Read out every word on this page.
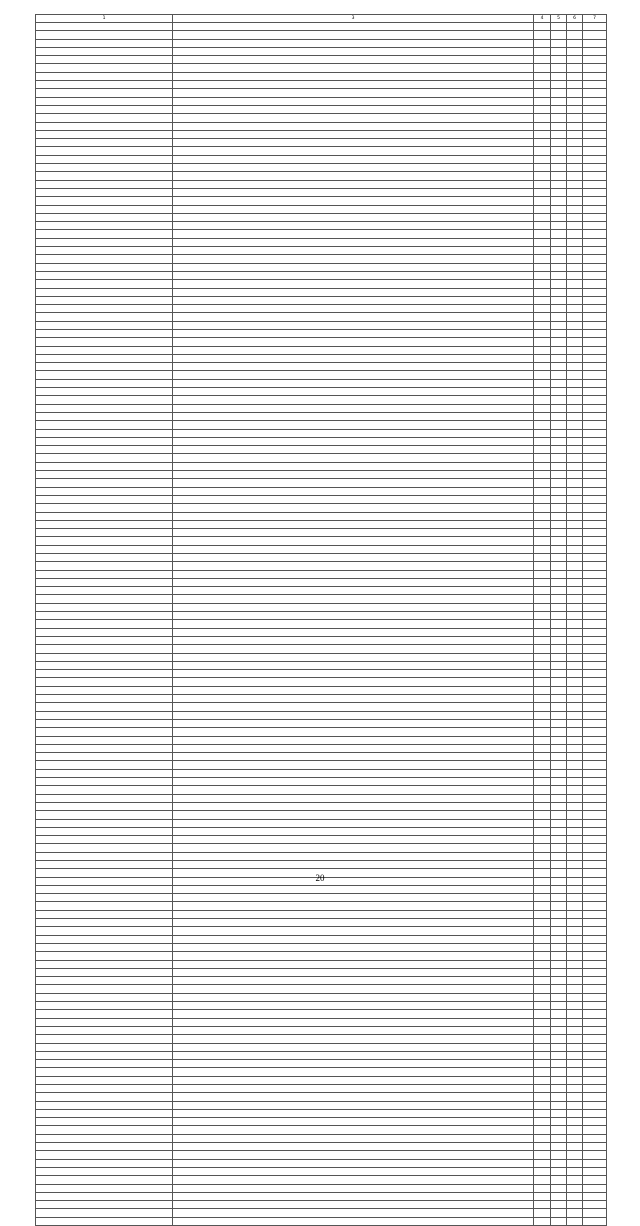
1	3	4	5	6	7

20
